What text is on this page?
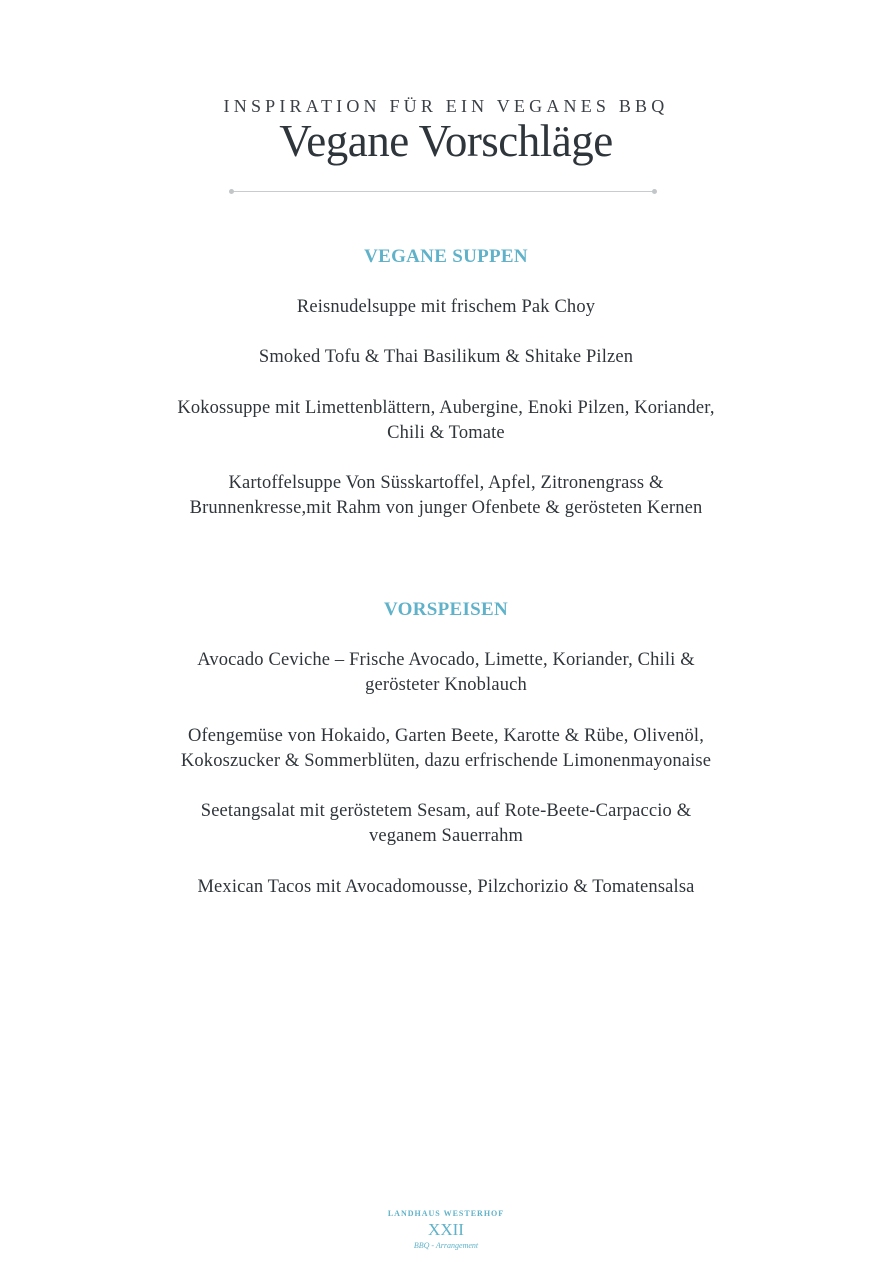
INSPIRATION FÜR EIN VEGANES BBQ
Vegane Vorschläge
VEGANE SUPPEN
Reisnudelsuppe mit frischem Pak Choy
Smoked Tofu & Thai Basilikum & Shitake Pilzen
Kokossuppe mit Limettenblättern, Aubergine, Enoki Pilzen, Koriander, Chili & Tomate
Kartoffelsuppe Von Süsskartoffel, Apfel, Zitronengrass & Brunnenkresse,mit Rahm von junger Ofenbete & gerösteten Kernen
VORSPEISEN
Avocado Ceviche – Frische Avocado, Limette, Koriander, Chili & gerösteter Knoblauch
Ofengemüse von Hokaido, Garten Beete, Karotte & Rübe, Olivenöl, Kokoszucker & Sommerblüten, dazu erfrischende Limonenmayonaise
Seetangsalat mit geröstetem Sesam, auf Rote-Beete-Carpaccio & veganem Sauerrahm
Mexican Tacos mit Avocadomousse, Pilzchorizio & Tomatensalsa
LANDHAUS WESTERHOF
XXII
BBQ - Arrangement
